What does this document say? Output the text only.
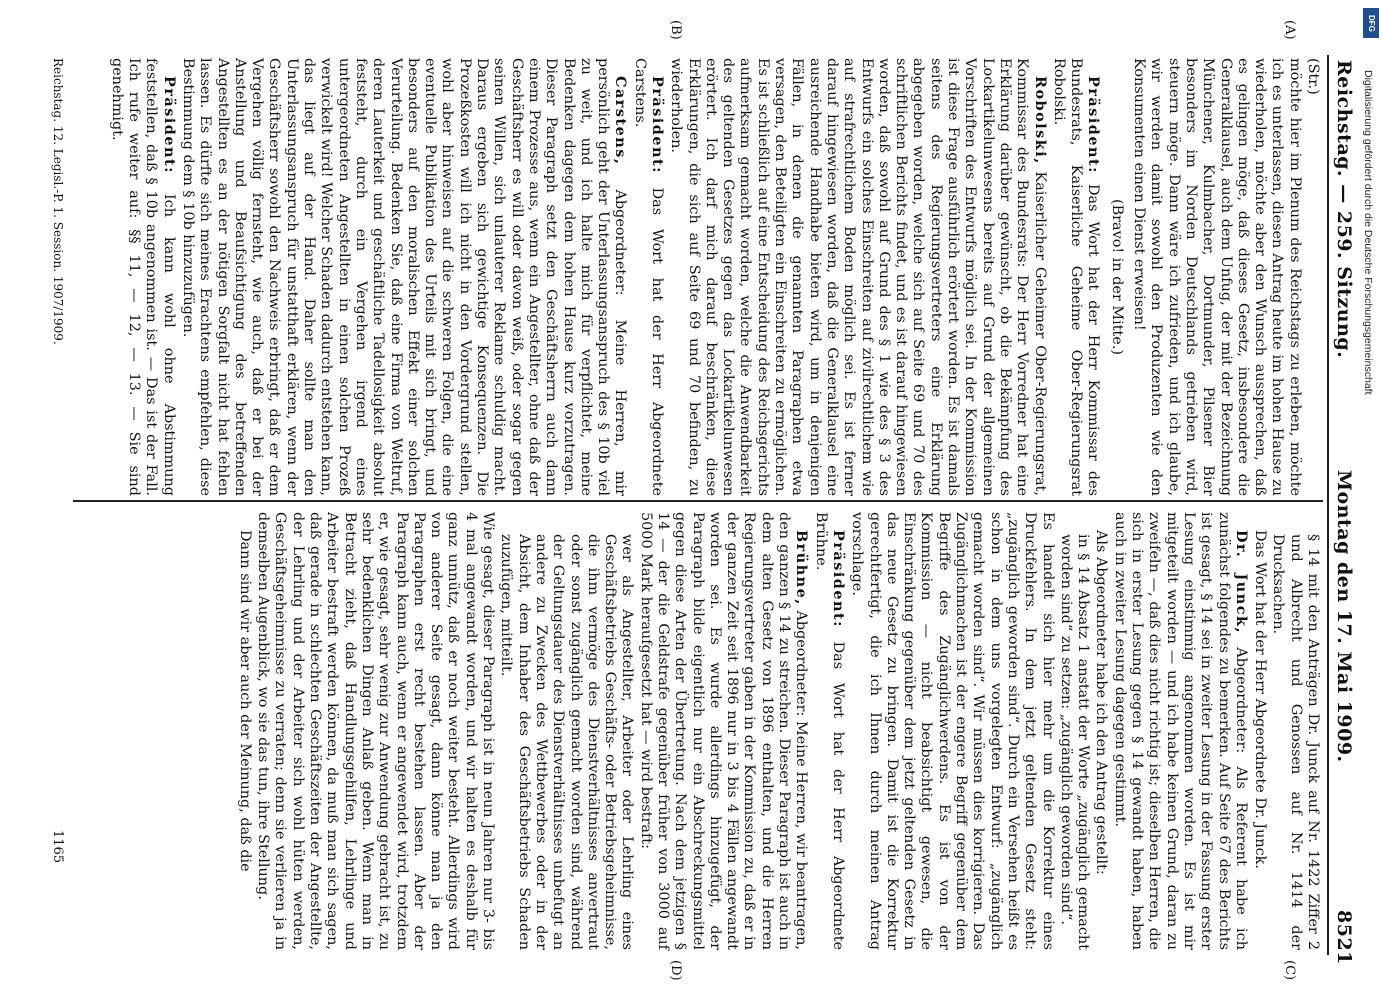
Reichstag. — 259. Sitzung.
Montag den 17. Mai 1909.
8521
(A)
(B)
(C)
(D)

(Str.)

möchte hier im Plenum des Reichstags zu erleben, möchte ich es unterlassen, diesen Antrag heute im hohen Hause zu wiederholen, möchte aber den Wunsch aussprechen, daß es gelingen möge, daß dieses Gesetz, insbesondere die Generalklausel, auch dem Unfug, der mit der Bezeichnung Münchener, Kulmbacher, Dortmunder, Pilsener Bier besonders im Norden Deutschlands getrieben wird, steuern möge. Dann wäre ich zufrieden, und ich glaube, wir werden damit sowohl den Produzenten wie den Konsumenten einen Dienst erweisen!

(Bravo! in der Mitte.)

Präsident: Das Wort hat der Herr Kommissar des Bundesrats, Kaiserliche Geheime Ober-Regierungsrat Robolski.

Robolski, Kaiserlicher Geheimer Ober-Regierungsrat, Kommissar des Bundesrats: Der Herr Vorredner hat eine Erklärung darüber gewünscht, ob die Bekämpfung des Lockartikelunwesens bereits auf Grund der allgemeinen Vorschriften des Entwurfs möglich sei. In der Kommission ist diese Frage ausführlich erörtert worden. Es ist damals seitens des Regierungsvertreters eine Erklärung abgegeben worden, welche sich auf Seite 69 und 70 des schriftlichen Berichts findet, und es ist darauf hingewiesen worden, daß sowohl auf Grund des § 1 wie des § 3 des Entwurfs ein solches Einschreiten auf zivilrechtlichem wie auf strafrechtlichem Boden möglich sei. Es ist ferner darauf hingewiesen worden, daß die Generalklausel eine ausreichende Handhabe bieten wird, um in denjenigen Fällen, in denen die genannten Paragraphen etwa versagen, den Beteiligten ein Einschreiten zu ermöglichen. Es ist schließlich auf eine Entscheidung des Reichsgerichts aufmerksam gemacht worden, welche die Anwendbarkeit des geltenden Gesetzes gegen das Lockartikelunwesen erörtert. Ich darf mich darauf beschränken, diese Erklärungen, die sich auf Seite 69 und 70 befinden, zu wiederholen.

Präsident: Das Wort hat der Herr Abgeordnete Carstens.

Carstens, Abgeordneter: Meine Herren, mir persönlich geht der Unterlassungsanspruch des § 10b viel zu weit, und ich halte mich für verpflichtet, meine Bedenken dagegen dem hohen Hause kurz vorzutragen. Dieser Paragraph setzt den Geschäftsherrn auch dann einem Prozesse aus, wenn ein Angestellter, ohne daß der Geschäftsherr es will oder davon weiß, oder sogar gegen seinen Willen, sich unlauterer Reklame schuldig macht. Daraus ergeben sich gewichtige Konsequenzen. Die Prozeßkosten will ich nicht in den Vordergrund stellen, wohl aber hinweisen auf die schweren Folgen, die eine eventuelle Publikation des Urteils mit sich bringt, und besonders auf den moralischen Effekt einer solchen Verurteilung. Bedenken Sie, daß eine Firma von Weltruf, deren Lauterkeit und geschäftliche Tadellosigkeit absolut feststeht, durch ein Vergehen irgend eines untergeordneten Angestellten in einen solchen Prozeß verwickelt wird! Welcher Schaden dadurch entstehen kann, das liegt auf der Hand. Daher sollte man den Unterlassungsanspruch für unstatthaft erklären, wenn der Geschäftsherr sowohl den Nachweis erbringt, daß er dem Vergehen völlig fernsteht, wie auch, daß er bei der Anstellung und Beaufsichtigung des betreffenden Angestellten es an der nötigen Sorgfalt nicht hat fehlen lassen. Es dürfte sich meines Erachtens empfehlen, diese Bestimmung dem § 10b hinzuzufügen.

Präsident: Ich kann wohl ohne Abstimmung feststellen, daß § 10b angenommen ist. — Das ist der Fall. Ich rufe weiter auf: §§ 11, — 12, — 13. — Sie sind genehmigt.

§ 14 mit den Anträgen Dr. Junck auf Nr. 1422 Ziffer 2 und Albrecht und Genossen auf Nr. 1414 der Drucksachen.

Das Wort hat der Herr Abgeordnete Dr. Junck.

Dr. Junck, Abgeordneter: Als Referent habe ich zunächst folgendes zu bemerken. Auf Seite 67 des Berichts ist gesagt, § 14 sei in zweiter Lesung in der Fassung erster Lesung einstimmig angenommen worden. Es ist mir mitgeteilt worden — und ich habe keinen Grund, daran zu zweifeln —, daß dies nicht richtig ist; dieselben Herren, die sich in erster Lesung gegen § 14 gewandt haben, haben auch in zweiter Lesung dagegen gestimmt.

Als Abgeordneter habe ich den Antrag gestellt:

in § 14 Absatz 1 anstatt der Worte „zugänglich gemacht worden sind“ zu setzen: „zugänglich geworden sind“.

Es handelt sich hier mehr um die Korrektur eines Druckfehlers. In dem jetzt geltenden Gesetz steht: „zugänglich geworden sind“. Durch ein Versehen heißt es schon in dem uns vorgelegten Entwurf: „zugänglich gemacht worden sind“. Wir müssen dies korrigieren. Das Zugänglichmachen ist der engere Begriff gegenüber dem Begriffe des Zugänglichwerdens. Es ist von der Kommission — nicht beabsichtigt gewesen, die Einschränkung gegenüber dem jetzt geltenden Gesetz in das neue Gesetz zu bringen. Damit ist die Korrektur gerechtfertigt, die ich Ihnen durch meinen Antrag vorschlage.

Präsident: Das Wort hat der Herr Abgeordnete Brühne.

Brühne, Abgeordneter: Meine Herren, wir beantragen, den ganzen § 14 zu streichen. Dieser Paragraph ist auch in dem alten Gesetz von 1896 enthalten, und die Herren Regierungsvertreter gaben in der Kommission zu, daß er in der ganzen Zeit seit 1896 nur in 3 bis 4 Fällen angewandt worden sei. Es wurde allerdings hinzugefügt, der Paragraph bilde eigentlich nur ein Abschreckungsmittel gegen diese Arten der Übertretung. Nach dem jetzigen § 14 — der die Geldstrafe gegenüber früher von 3000 auf 5000 Mark heraufgesetzt hat — wird bestraft:

wer als Angestellter, Arbeiter oder Lehrling eines Geschäftsbetriebs Geschäfts- oder Betriebsgeheimnisse, die ihm vermöge des Dienstverhältnisses anvertraut oder sonst zugänglich gemacht worden sind, während der Geltungsdauer des Dienstverhältnisses unbefugt an andere zu Zwecken des Wettbewerbes oder in der Absicht, dem Inhaber des Geschäftsbetriebs Schaden zuzufügen, mitteilt.

Wie gesagt, dieser Paragraph ist in neun Jahren nur 3- bis 4 mal angewandt worden, und wir halten es deshalb für ganz unnütz, daß er noch weiter besteht. Allerdings wird von anderer Seite gesagt, dann könne man ja den Paragraphen erst recht bestehen lassen. Aber der Paragraph kann auch, wenn er angewendet wird, trotzdem er, wie gesagt, sehr wenig zur Anwendung gebracht ist, zu sehr bedenklichen Dingen Anlaß geben. Wenn man in Betracht zieht, daß Handlungsgehilfen, Lehrlinge und Arbeiter bestraft werden können, da muß man sich sagen, daß gerade in schlechten Geschäftszeiten der Angestellte, der Lehrling und der Arbeiter sich wohl hüten werden, Geschäftsgeheimnisse zu verraten; denn sie verlieren ja in demselben Augenblick, wo sie das tun, ihre Stellung.

Dann sind wir aber auch der Meinung, daß die

Reichstag. 12. Legisl.-P. 1. Session. 1907/1909.
1165
DFG
Digitalisierung gefördert durch die Deutsche Forschungsgemeinschaft
